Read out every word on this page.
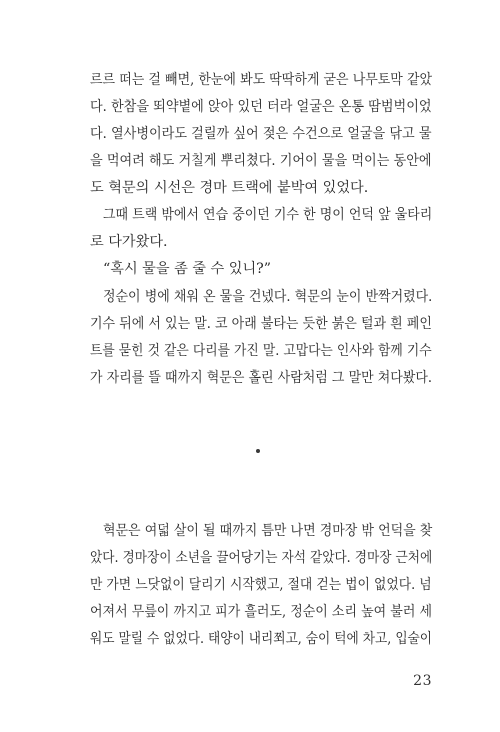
르르 떠는 걸 빼면, 한눈에 봐도 딱딱하게 굳은 나무토막 같았
다. 한참을 뙤약볕에 앉아 있던 터라 얼굴은 온통 땀범벅이었
다. 열사병이라도 걸릴까 싶어 젖은 수건으로 얼굴을 닦고 물
을 먹여려 해도 거칠게 뿌리쳤다. 기어이 물을 먹이는 동안에
도 혁문의 시선은 경마 트랙에 붙박여 있었다.
그때 트랙 밖에서 연습 중이던 기수 한 명이 언덕 앞 울타리
로 다가왔다.
“혹시 물을 좀 줄 수 있니?”
정순이 병에 채워 온 물을 건넸다. 혁문의 눈이 반짝거렸다.
기수 뒤에 서 있는 말. 코 아래 불타는 듯한 붉은 털과 흰 페인
트를 묻힌 것 같은 다리를 가진 말. 고맙다는 인사와 함께 기수
가 자리를 뜰 때까지 혁문은 홀린 사람처럼 그 말만 쳐다봤다.
혁문은 여덟 살이 될 때까지 틈만 나면 경마장 밖 언덕을 찾
았다. 경마장이 소년을 끌어당기는 자석 같았다. 경마장 근처에
만 가면 느닷없이 달리기 시작했고, 절대 걷는 법이 없었다. 넘
어져서 무릎이 까지고 피가 흘러도, 정순이 소리 높여 불러 세
워도 말릴 수 없었다. 태양이 내리쬐고, 숨이 턱에 차고, 입술이
23
